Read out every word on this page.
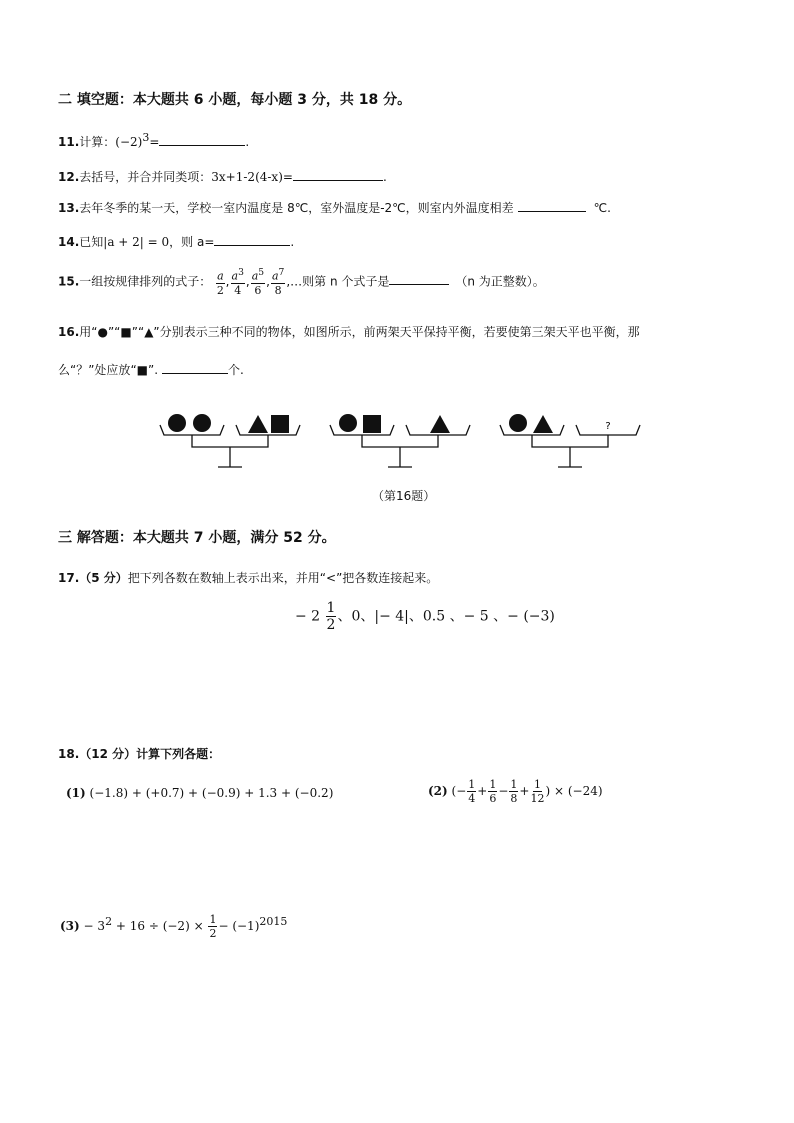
二 填空题：本大题共 6 小题，每小题 3 分，共 18 分。
11.计算：$(-2)^3=$	.
12.去括号，并合并同类项：3x+1-2(4-x)=	.
13.去年冬季的某一天，学校一室内温度是 8℃，室外温度是-2℃，则室内外温度相差	℃.
14.已知|a + 2| = 0，则 a=	.
15.一组按规律排列的式子： $\frac{a}{2}$ , $\frac{a^3}{4}$ , $\frac{a^5}{6}$ , $\frac{a^7}{8}$ ,…则第 n 个式子是	（n 为正整数）。
16.用“●”“■”“▲”分别表示三种不同的物体，如图所示，前两架天平保持平衡，若要使第三架天平也平衡，那
么“？”处应放“■”.	个.
?
（第16题）
三 解答题：本大题共 7 小题，满分 52 分。
17.（5 分）把下列各数在数轴上表示出来，并用“<”把各数连接起来。
− $2 \frac{1}{2}$ 、0、|− 4|、0.5 、− 5 、− (−3)
18.（12 分）计算下列各题：
(1) (−1.8) + (+0.7) + (−0.9) + 1.3 + (−0.2)	(2) (− $\frac{1}{4} + \frac{1}{6} - \frac{1}{8} + \frac{1}{12}$ ) × (−24)
$(3) - 3^2 + 16 \div (-2) \times \frac{1}{2} - (-1)^{2015}$
